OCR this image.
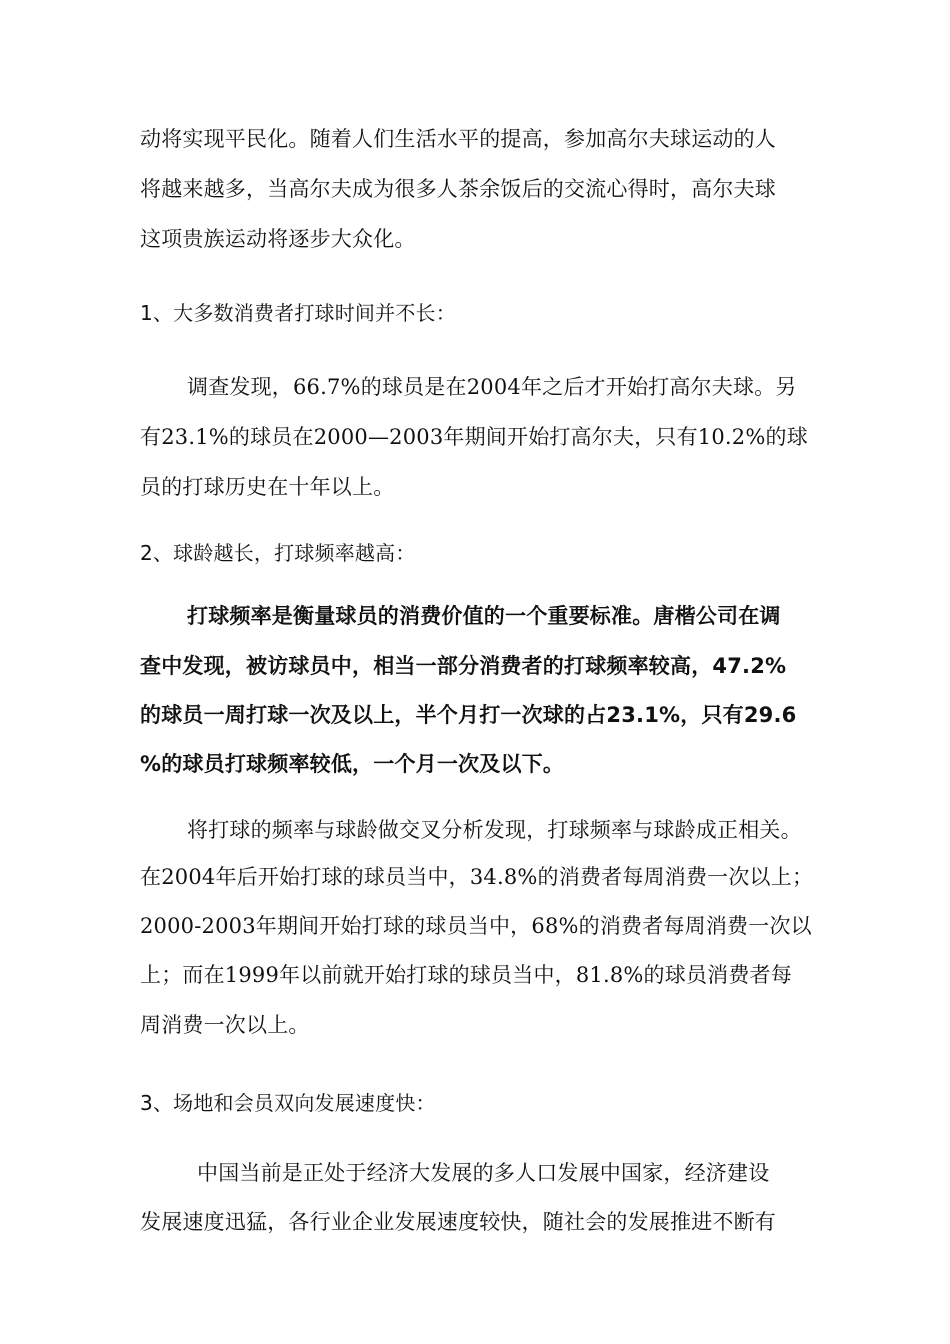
动将实现平民化。随着人们生活水平的提高，参加高尔夫球运动的人
将越来越多，当高尔夫成为很多人茶余饭后的交流心得时，高尔夫球
这项贵族运动将逐步大众化。
1、大多数消费者打球时间并不长：
调查发现，66.7%的球员是在2004年之后才开始打高尔夫球。另
有23.1%的球员在2000—2003年期间开始打高尔夫，只有10.2%的球
员的打球历史在十年以上。
2、球龄越长，打球频率越高：
打球频率是衡量球员的消费价值的一个重要标准。唐楷公司在调
查中发现，被访球员中，相当一部分消费者的打球频率较高，47.2%
的球员一周打球一次及以上，半个月打一次球的占23.1%，只有29.6
%的球员打球频率较低，一个月一次及以下。
将打球的频率与球龄做交叉分析发现，打球频率与球龄成正相关。
在2004年后开始打球的球员当中，34.8%的消费者每周消费一次以上；
2000-2003年期间开始打球的球员当中，68%的消费者每周消费一次以
上；而在1999年以前就开始打球的球员当中，81.8%的球员消费者每
周消费一次以上。
3、场地和会员双向发展速度快：
中国当前是正处于经济大发展的多人口发展中国家，经济建设
发展速度迅猛，各行业企业发展速度较快，随社会的发展推进不断有
